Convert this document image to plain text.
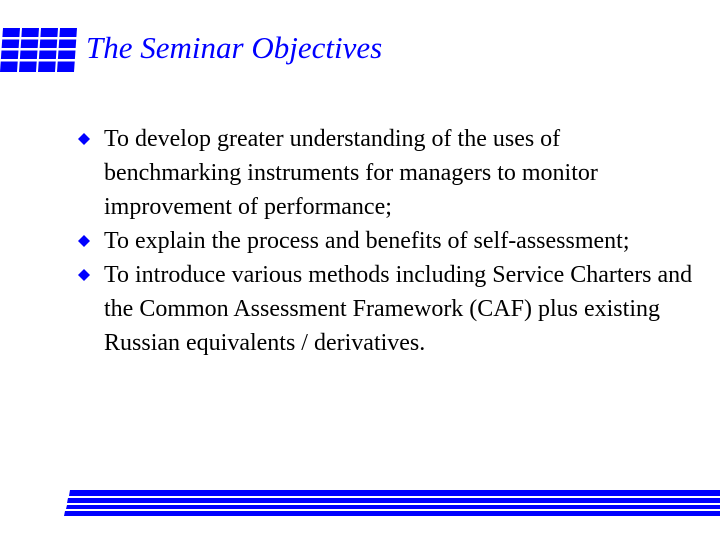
The Seminar Objectives
To develop greater understanding of the uses of benchmarking instruments for managers to monitor improvement of performance;
To explain the process and benefits of self-assessment;
To introduce various methods including Service Charters and the Common Assessment Framework (CAF) plus existing Russian equivalents / derivatives.
